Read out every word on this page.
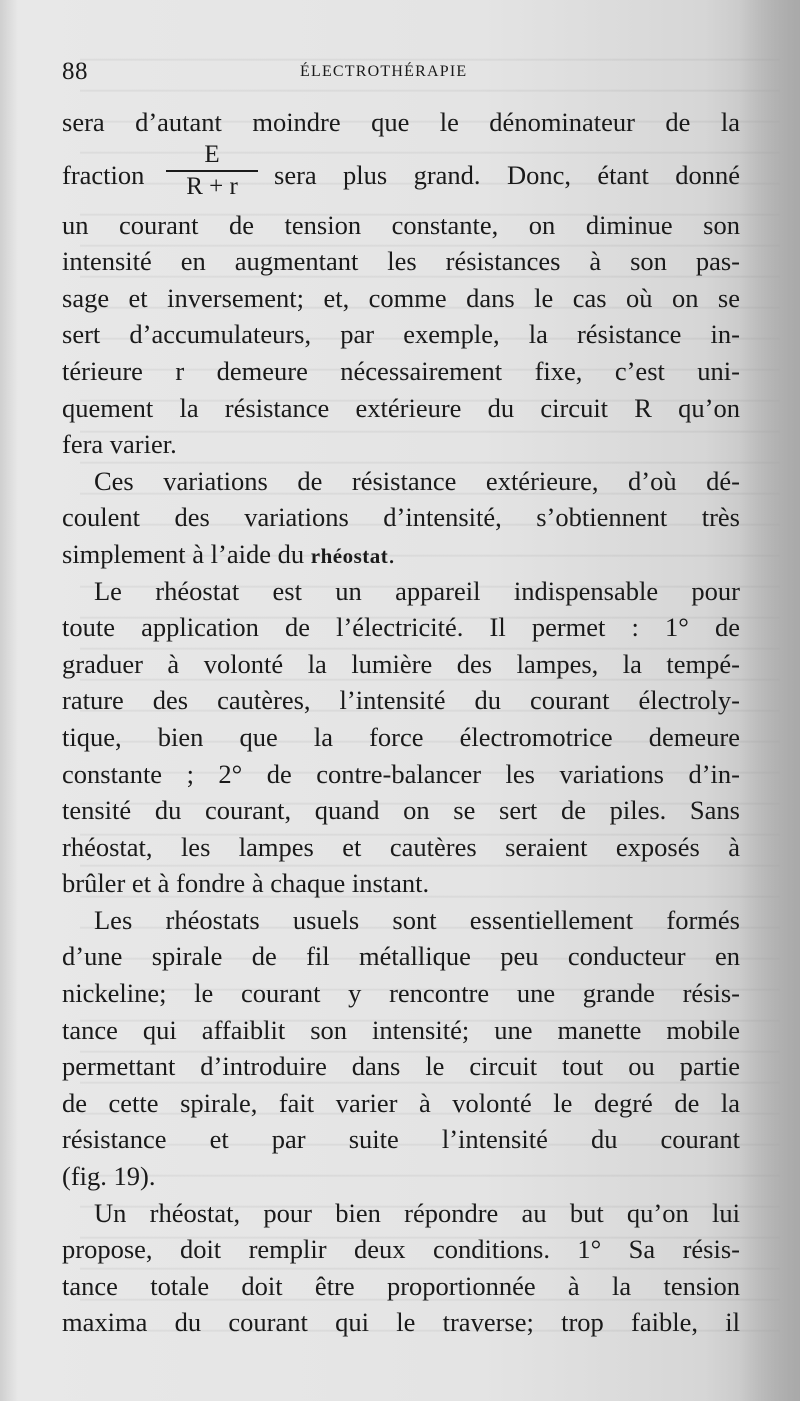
88	ÉLECTROTHÉRAPIE
sera d’autant moindre que le dénominateur de la
fraction
E
R + r	sera plus grand. Donc, étant donné
un courant de tension constante, on diminue son
intensité en augmentant les résistances à son pas-
sage et inversement; et, comme dans le cas où on se
sert d’accumulateurs, par exemple, la résistance in-
térieure r demeure nécessairement fixe, c’est uni-
quement la résistance extérieure du circuit R qu’on
fera varier.
Ces variations de résistance extérieure, d’où dé-
coulent des variations d’intensité, s’obtiennent très
simplement à l’aide du rhéostat.
Le rhéostat est un appareil indispensable pour
toute application de l’électricité. Il permet : 1° de
graduer à volonté la lumière des lampes, la tempé-
rature des cautères, l’intensité du courant électroly-
tique, bien que la force électromotrice demeure
constante ; 2° de contre-balancer les variations d’in-
tensité du courant, quand on se sert de piles. Sans
rhéostat, les lampes et cautères seraient exposés à
brûler et à fondre à chaque instant.
Les rhéostats usuels sont essentiellement formés
d’une spirale de fil métallique peu conducteur en
nickeline; le courant y rencontre une grande résis-
tance qui affaiblit son intensité; une manette mobile
permettant d’introduire dans le circuit tout ou partie
de cette spirale, fait varier à volonté le degré de la
résistance et par suite l’intensité du courant
(fig. 19).
Un rhéostat, pour bien répondre au but qu’on lui
propose, doit remplir deux conditions. 1° Sa résis-
tance totale doit être proportionnée à la tension
maxima du courant qui le traverse; trop faible, il
